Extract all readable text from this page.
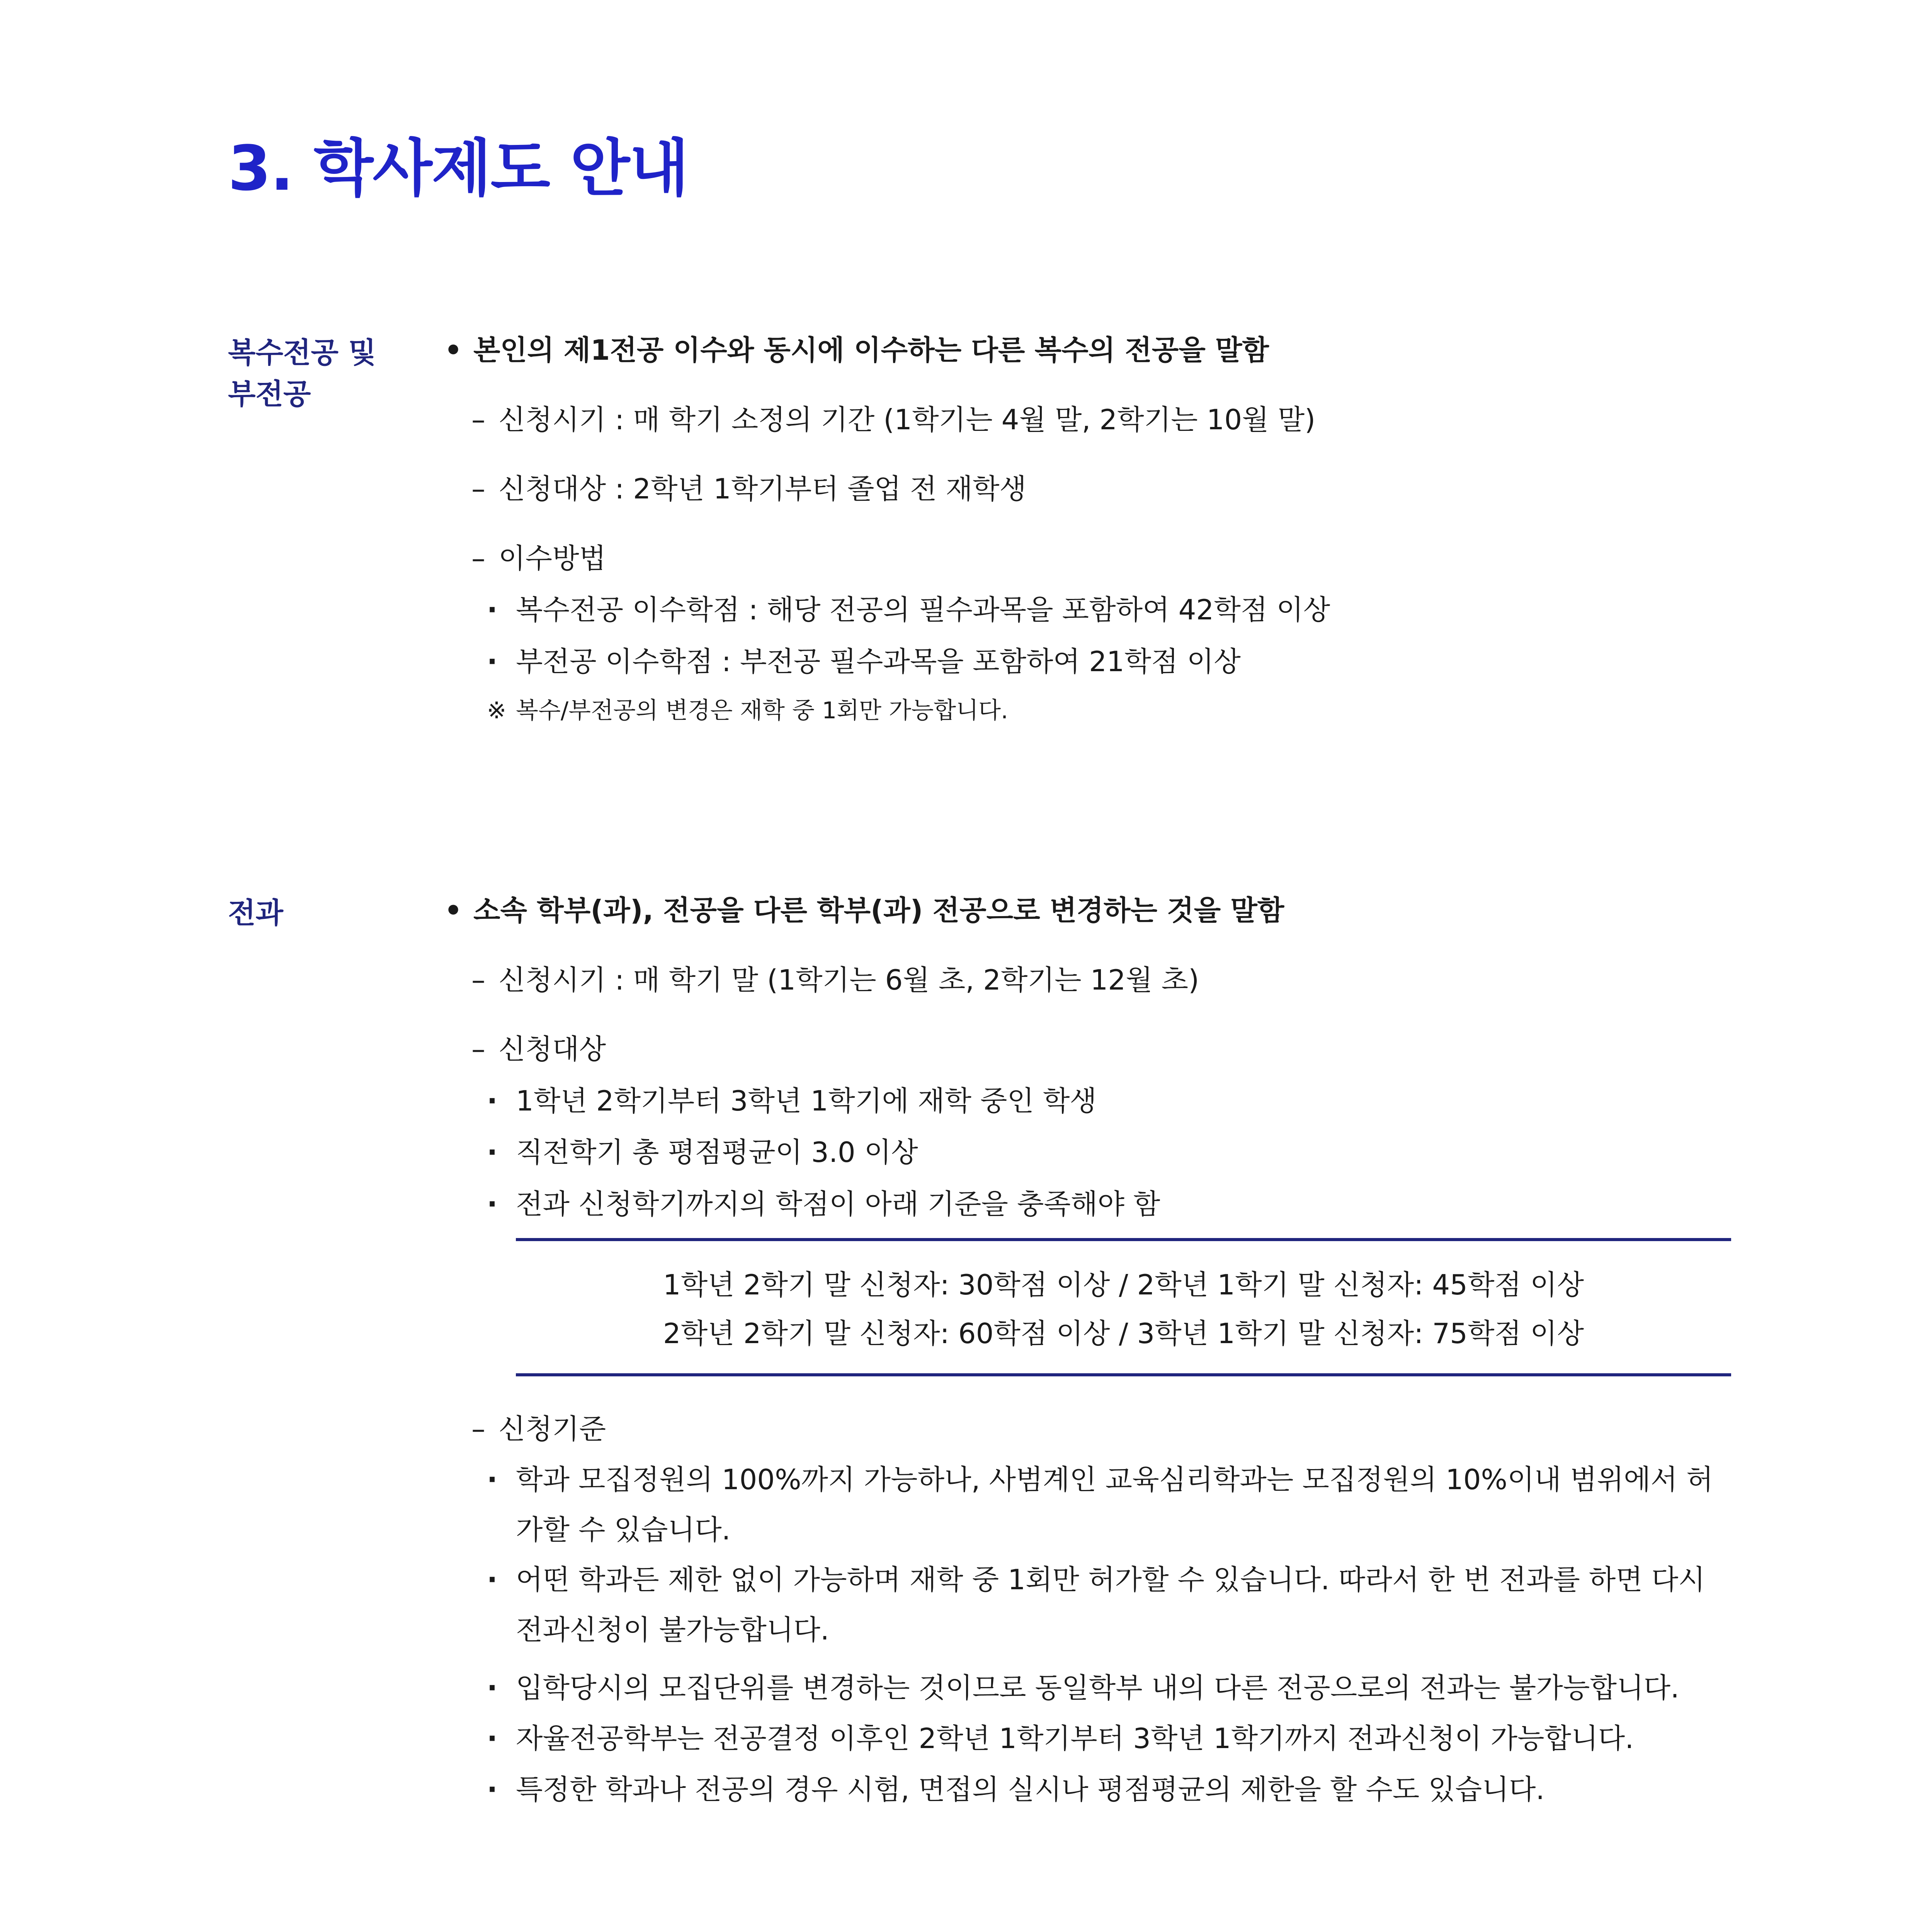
3. 학사제도 안내
복수전공 및
부전공
• 본인의 제1전공 이수와 동시에 이수하는 다른 복수의 전공을 말함
– 신청시기 : 매 학기 소정의 기간 (1학기는 4월 말, 2학기는 10월 말)
– 신청대상 : 2학년 1학기부터 졸업 전 재학생
– 이수방법
· 복수전공 이수학점 : 해당 전공의 필수과목을 포함하여 42학점 이상
· 부전공 이수학점 : 부전공 필수과목을 포함하여 21학점 이상
※ 복수/부전공의 변경은 재학 중 1회만 가능합니다.
전과
•	소속 학부(과), 전공을 다른 학부(과) 전공으로 변경하는 것을 말함
– 신청시기 : 매 학기 말 (1학기는 6월 초, 2학기는 12월 초)
– 신청대상
· 1학년 2학기부터 3학년 1학기에 재학 중인 학생
· 직전학기 총 평점평균이 3.0 이상
· 전과 신청학기까지의 학점이 아래 기준을 충족해야 함
1학년 2학기 말 신청자: 30학점 이상 / 2학년 1학기 말 신청자: 45학점 이상
2학년 2학기 말 신청자: 60학점 이상 / 3학년 1학기 말 신청자: 75학점 이상
– 신청기준
· 학과 모집정원의 100%까지 가능하나, 사범계인 교육심리학과는 모집정원의 10%이내 범위에서 허가할 수 있습니다.
· 어떤 학과든 제한 없이 가능하며 재학 중 1회만 허가할 수 있습니다. 따라서 한 번 전과를 하면 다시 전과신청이 불가능합니다.
· 입학당시의 모집단위를 변경하는 것이므로 동일학부 내의 다른 전공으로의 전과는 불가능합니다.
· 자율전공학부는 전공결정 이후인 2학년 1학기부터 3학년 1학기까지 전과신청이 가능합니다.
· 특정한 학과나 전공의 경우 시험, 면접의 실시나 평점평균의 제한을 할 수도 있습니다.
